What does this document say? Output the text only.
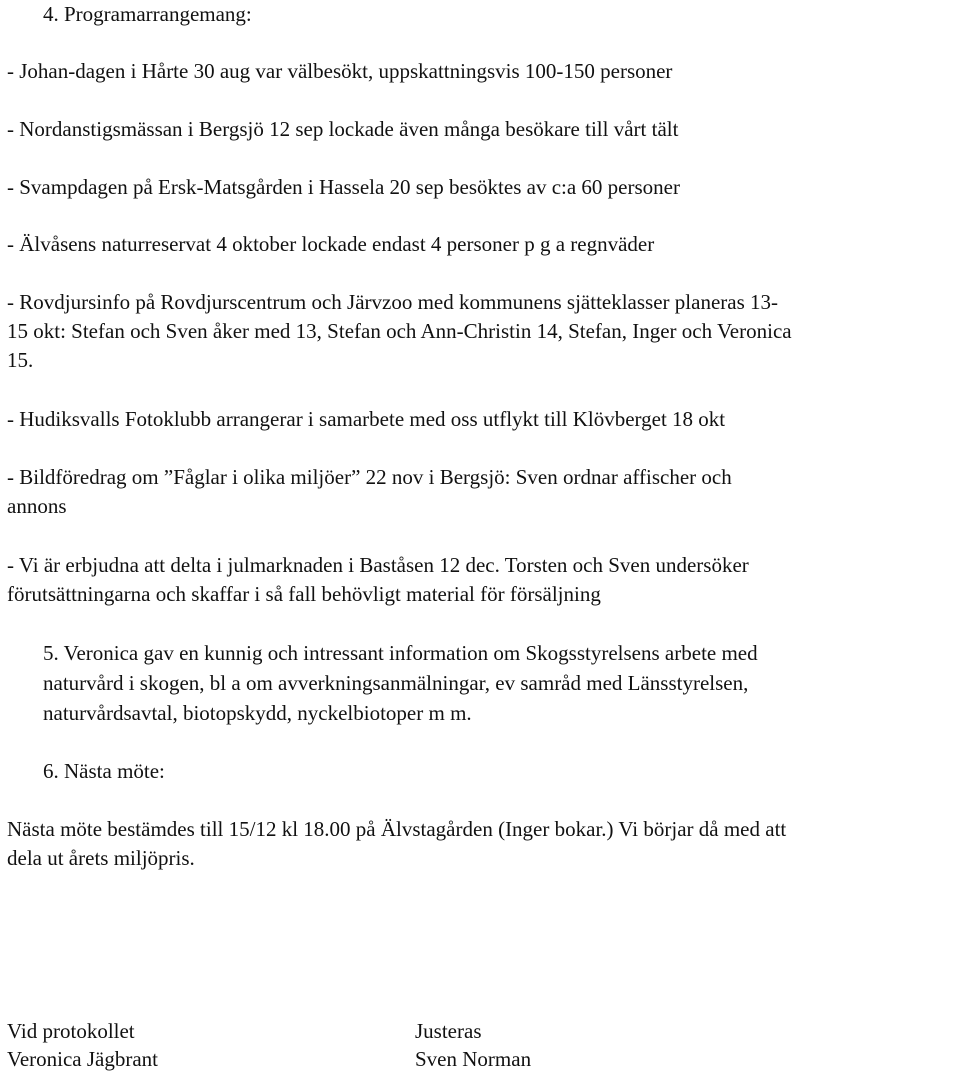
4. Programarrangemang:

- Johan-dagen i Hårte 30 aug var välbesökt, uppskattningsvis 100-150 personer

- Nordanstigsmässan i Bergsjö 12 sep lockade även många besökare till vårt tält

- Svampdagen på Ersk-Matsgården i Hassela 20 sep besöktes av c:a 60 personer

- Älvåsens naturreservat 4 oktober lockade endast 4 personer p g a regnväder

- Rovdjursinfo på Rovdjurscentrum och Järvzoo med kommunens sjätteklasser planeras 13-

15 okt: Stefan och Sven åker med 13, Stefan och Ann-Christin 14, Stefan, Inger och Veronica

15.

- Hudiksvalls Fotoklubb arrangerar i samarbete med oss utflykt till Klövberget 18 okt

- Bildföredrag om ”Fåglar i olika miljöer” 22 nov i Bergsjö: Sven ordnar affischer och

annons

- Vi är erbjudna att delta i julmarknaden i Baståsen 12 dec. Torsten och Sven undersöker

förutsättningarna och skaffar i så fall behövligt material för försäljning

5. Veronica gav en kunnig och intressant information om Skogsstyrelsens arbete med

naturvård i skogen, bl a om avverkningsanmälningar, ev samråd med Länsstyrelsen,

naturvårdsavtal, biotopskydd, nyckelbiotoper m m.

6. Nästa möte:

Nästa möte bestämdes till 15/12 kl 18.00 på Älvstagården (Inger bokar.) Vi börjar då med att

dela ut årets miljöpris.

Vid protokollet
Veronica Jägbrant
Justeras
Sven Norman
